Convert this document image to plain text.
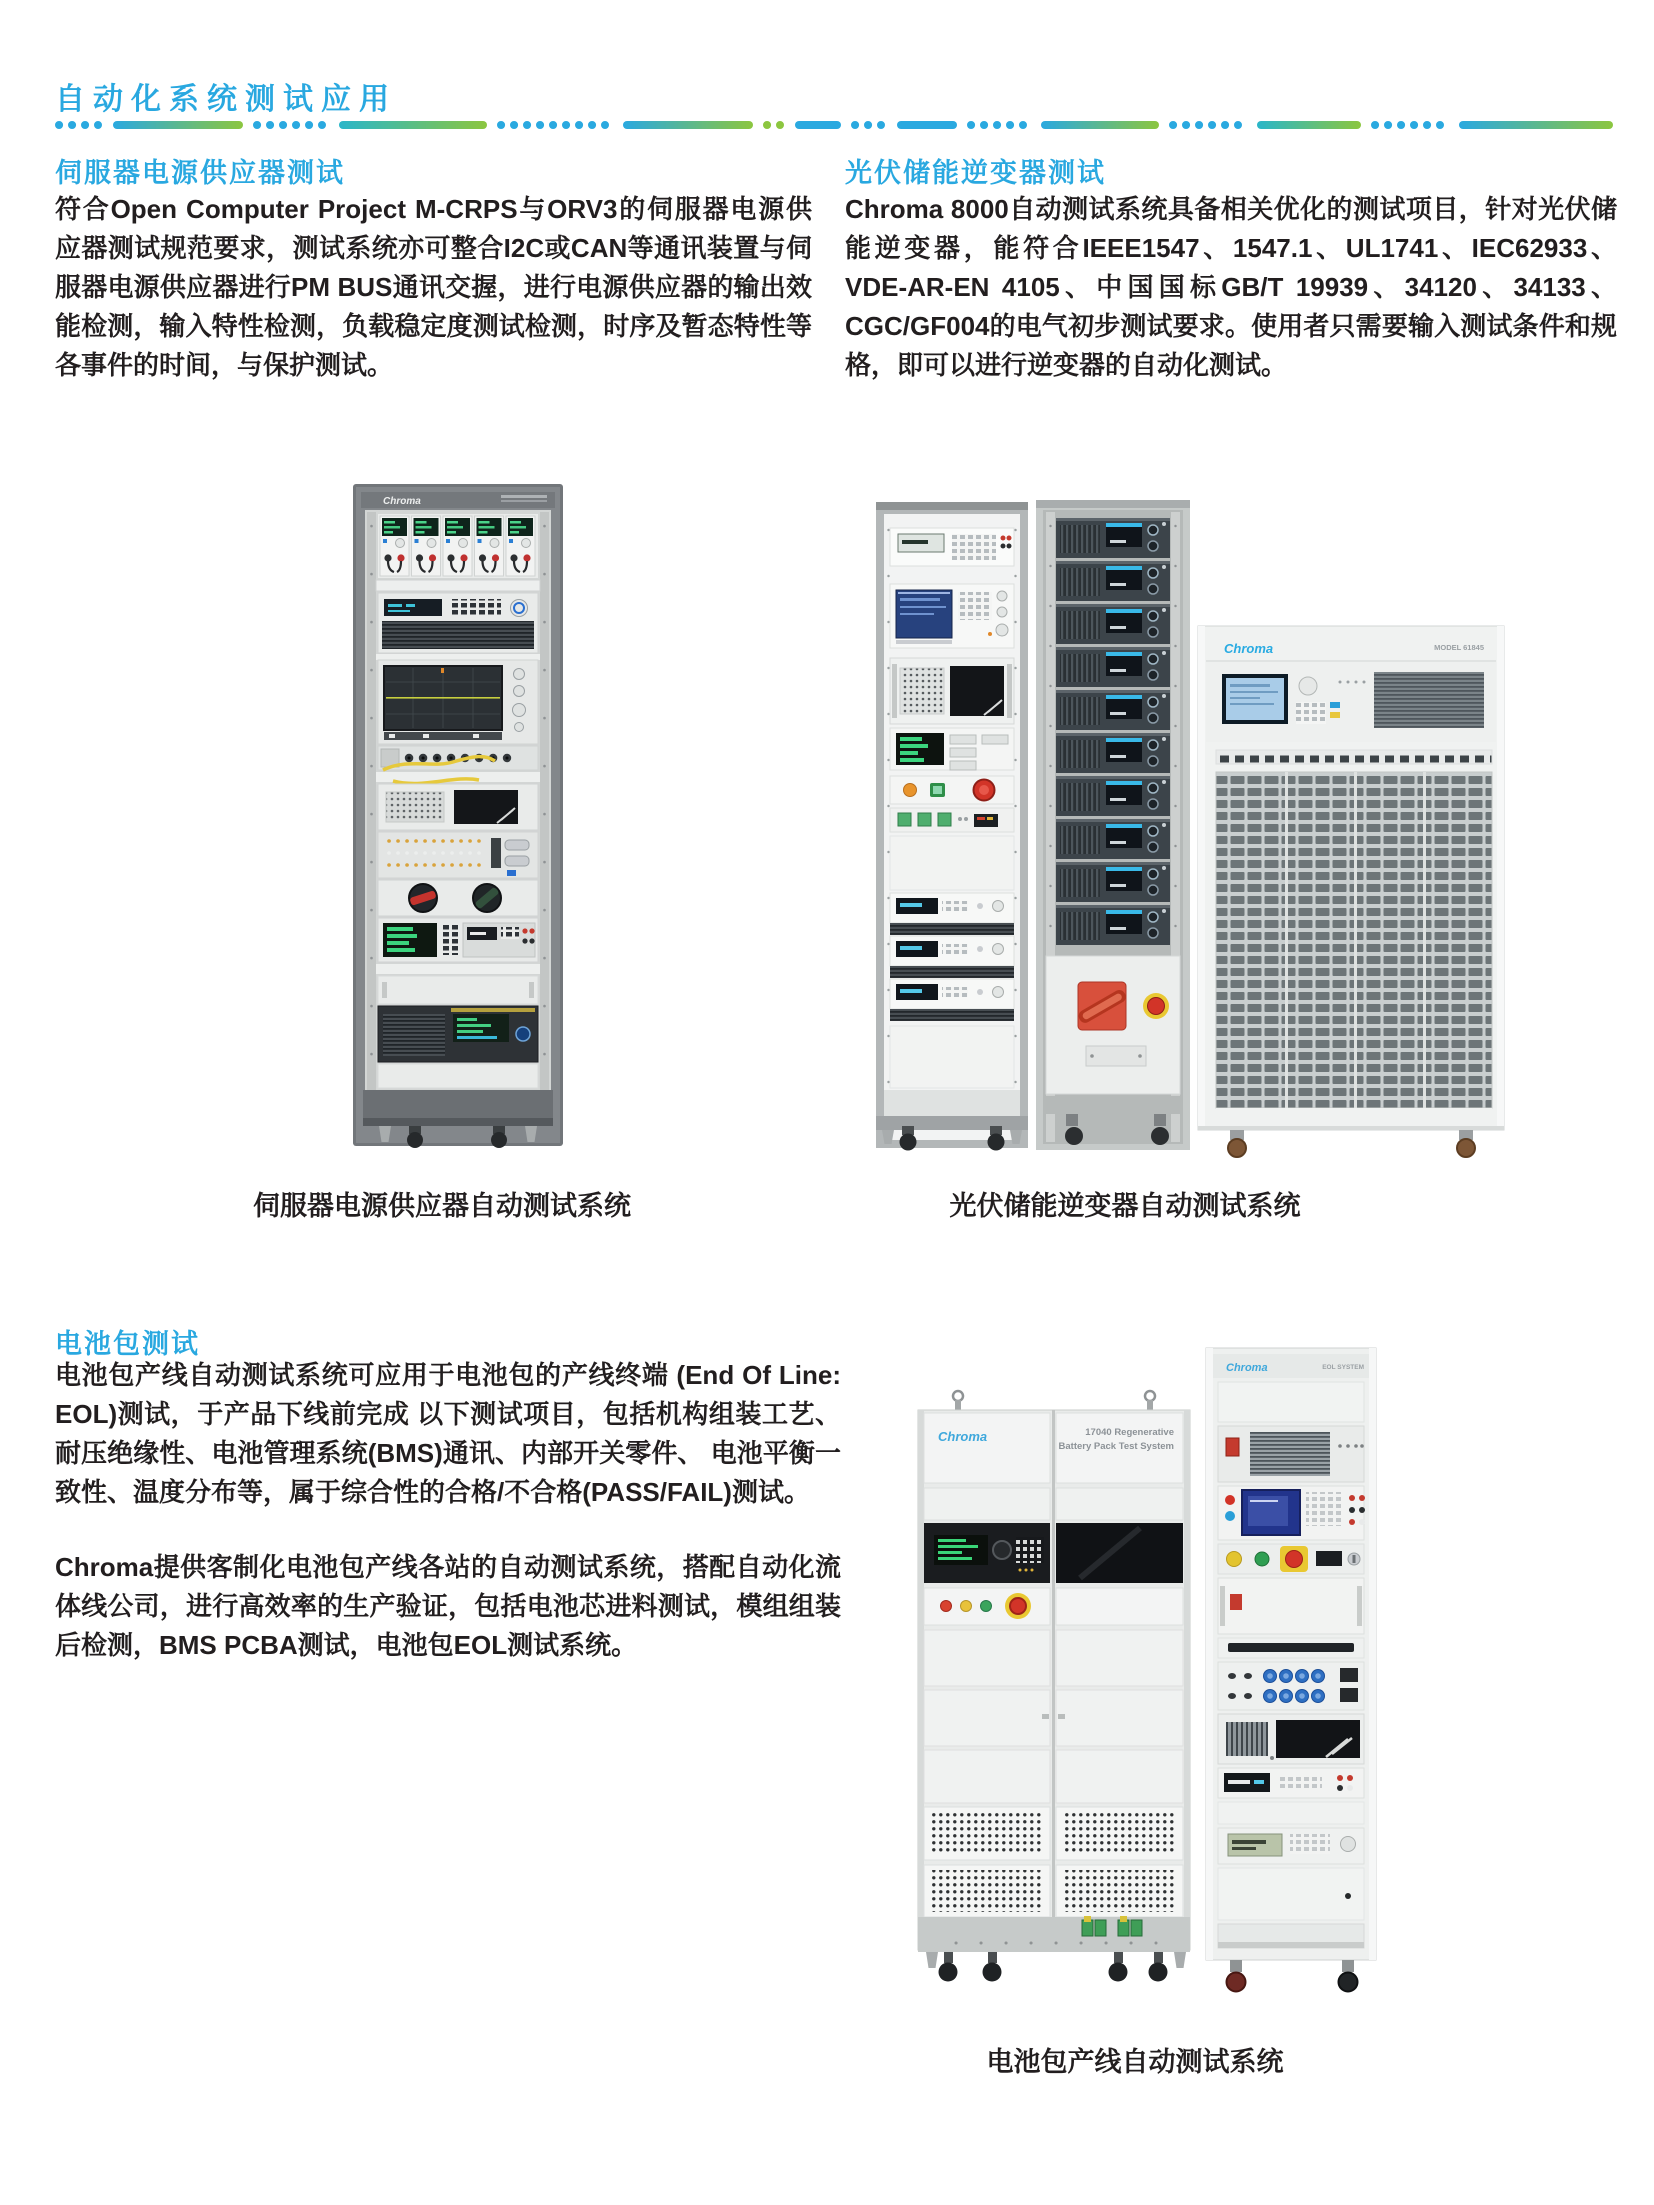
自动化系统测试应用
伺服器电源供应器测试

符合Open Computer Project M-CRPS与ORV3的伺服器电源供应器测试规范要求，测试系统亦可整合I2C或CAN等通讯装置与伺服器电源供应器进行PM BUS通讯交握，进行电源供应器的输出效能检测，输入特性检测，负载稳定度测试检测，时序及暂态特性等各事件的时间，与保护测试。

光伏储能逆变器测试

Chroma 8000自动测试系统具备相关优化的测试项目，针对光伏储能逆变器，能符合IEEE1547、1547.1、UL1741、IEC62933、VDE-AR-EN 4105、中国国标GB/T 19939、34120、34133、CGC/GF004的电气初步测试要求。使用者只需要输入测试条件和规格，即可以进行逆变器的自动化测试。

Chroma

伺服器电源供应器自动测试系统

Chroma	MODEL 61845

光伏储能逆变器自动测试系统

电池包测试

电池包产线自动测试系统可应用于电池包的产线终端 (End Of Line: EOL)测试，于产品下线前完成 以下测试项目，包括机构组装工艺、耐压绝缘性、电池管理系统(BMS)通讯、内部开关零件、 电池平衡一致性、温度分布等，属于综合性的合格/不合格(PASS/FAIL)测试。

Chroma提供客制化电池包产线各站的自动测试系统，搭配自动化流体线公司，进行高效率的生产验证，包括电池芯进料测试，模组组装后检测，BMS PCBA测试，电池包EOL测试系统。

Chroma	17040 Regenerative
Battery Pack Test System
Chroma	EOL SYSTEM

电池包产线自动测试系统
